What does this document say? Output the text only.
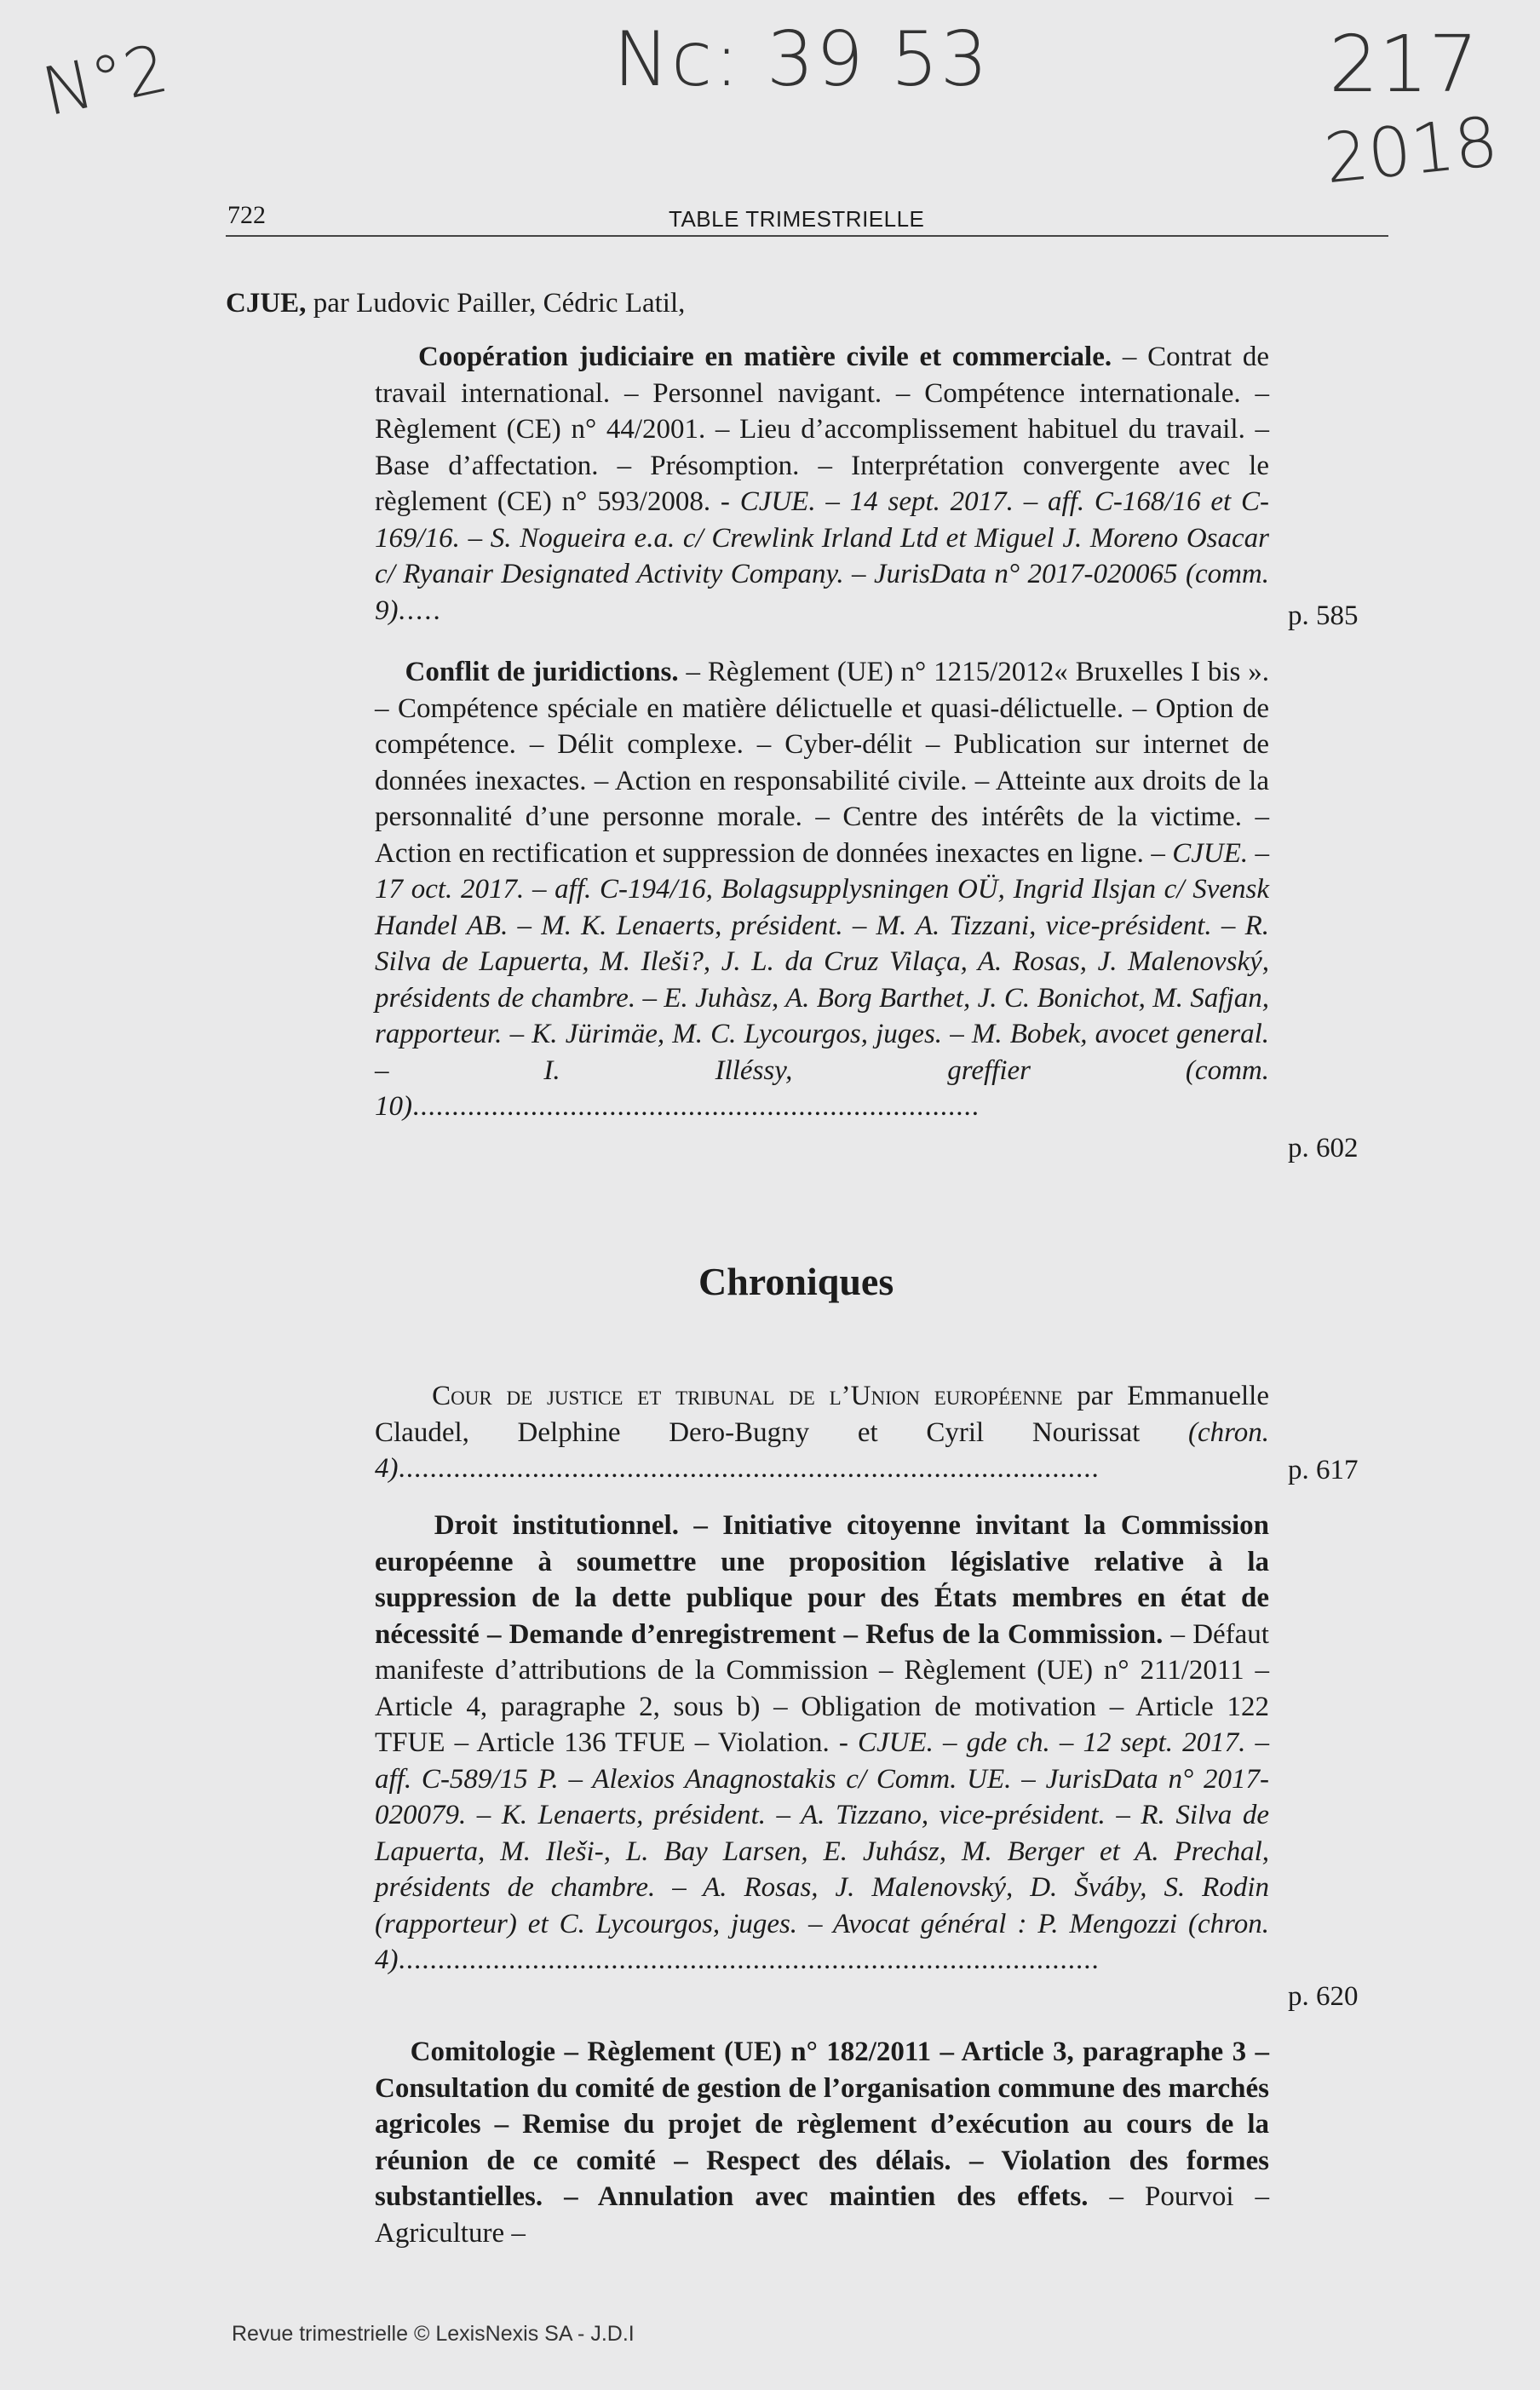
N°2	Nc: 39 53	217
2018
722	TABLE TRIMESTRIELLE
CJUE, par Ludovic Pailler, Cédric Latil,
Coopération judiciaire en matière civile et commerciale. – Contrat de travail international. – Personnel navigant. – Compétence internationale. – Règlement (CE) n° 44/2001. – Lieu d’accomplissement habituel du travail. – Base d’affectation. – Présomption. – Interprétation convergente avec le règlement (CE) n° 593/2008. - CJUE. – 14 sept. 2017. – aff. C-168/16 et C-169/16. – S. Nogueira e.a. c/ Crewlink Irland Ltd et Miguel J. Moreno Osacar c/ Ryanair Designated Activity Company. – JurisData n° 2017-020065 (comm. 9).....	p. 585
Conflit de juridictions. – Règlement (UE) n° 1215/2012« Bruxelles I bis ». – Compétence spéciale en matière délictuelle et quasi-délictuelle. – Option de compétence. – Délit complexe. – Cyber-délit – Publication sur internet de données inexactes. – Action en responsabilité civile. – Atteinte aux droits de la personnalité d’une personne morale. – Centre des intérêts de la victime. – Action en rectification et suppression de données inexactes en ligne. – CJUE. – 17 oct. 2017. – aff. C-194/16, Bolagsupplysningen OÜ, Ingrid Ilsjan c/ Svensk Handel AB. – M. K. Lenaerts, président. – M. A. Tizzani, vice-président. – R. Silva de Lapuerta, M. Ileši?, J. L. da Cruz Vilaça, A. Rosas, J. Malenovský, présidents de chambre. – E. Juhàsz, A. Borg Barthet, J. C. Bonichot, M. Safjan, rapporteur. – K. Jürimäe, M. C. Lycourgos, juges. – M. Bobek, avocet general. – I. Illéssy, greffier (comm. 10)........................................................................
p. 602
Chroniques
Cour de justice et tribunal de l’Union européenne par Emmanuelle Claudel, Delphine Dero-Bugny et Cyril Nourissat (chron. 4).........................................................................................	p. 617
Droit institutionnel. – Initiative citoyenne invitant la Commission européenne à soumettre une proposition législative relative à la suppression de la dette publique pour des États membres en état de nécessité – Demande d’enregistrement – Refus de la Commission. – Défaut manifeste d’attributions de la Commission – Règlement (UE) n° 211/2011 – Article 4, paragraphe 2, sous b) – Obligation de motivation – Article 122 TFUE – Article 136 TFUE – Violation. - CJUE. – gde ch. – 12 sept. 2017. – aff. C-589/15 P. – Alexios Anagnostakis c/ Comm. UE. – JurisData n° 2017-020079. – K. Lenaerts, président. – A. Tizzano, vice-président. – R. Silva de Lapuerta, M. Ileši-, L. Bay Larsen, E. Juhász, M. Berger et A. Prechal, présidents de chambre. – A. Rosas, J. Malenovský, D. Šváby, S. Rodin (rapporteur) et C. Lycourgos, juges. – Avocat général : P. Mengozzi (chron. 4).........................................................................................
p. 620
Comitologie – Règlement (UE) n° 182/2011 – Article 3, paragraphe 3 – Consultation du comité de gestion de l’organisation commune des marchés agricoles – Remise du projet de règlement d’exécution au cours de la réunion de ce comité – Respect des délais. – Violation des formes substantielles. – Annulation avec maintien des effets. – Pourvoi – Agriculture –
Revue trimestrielle © LexisNexis SA - J.D.I
